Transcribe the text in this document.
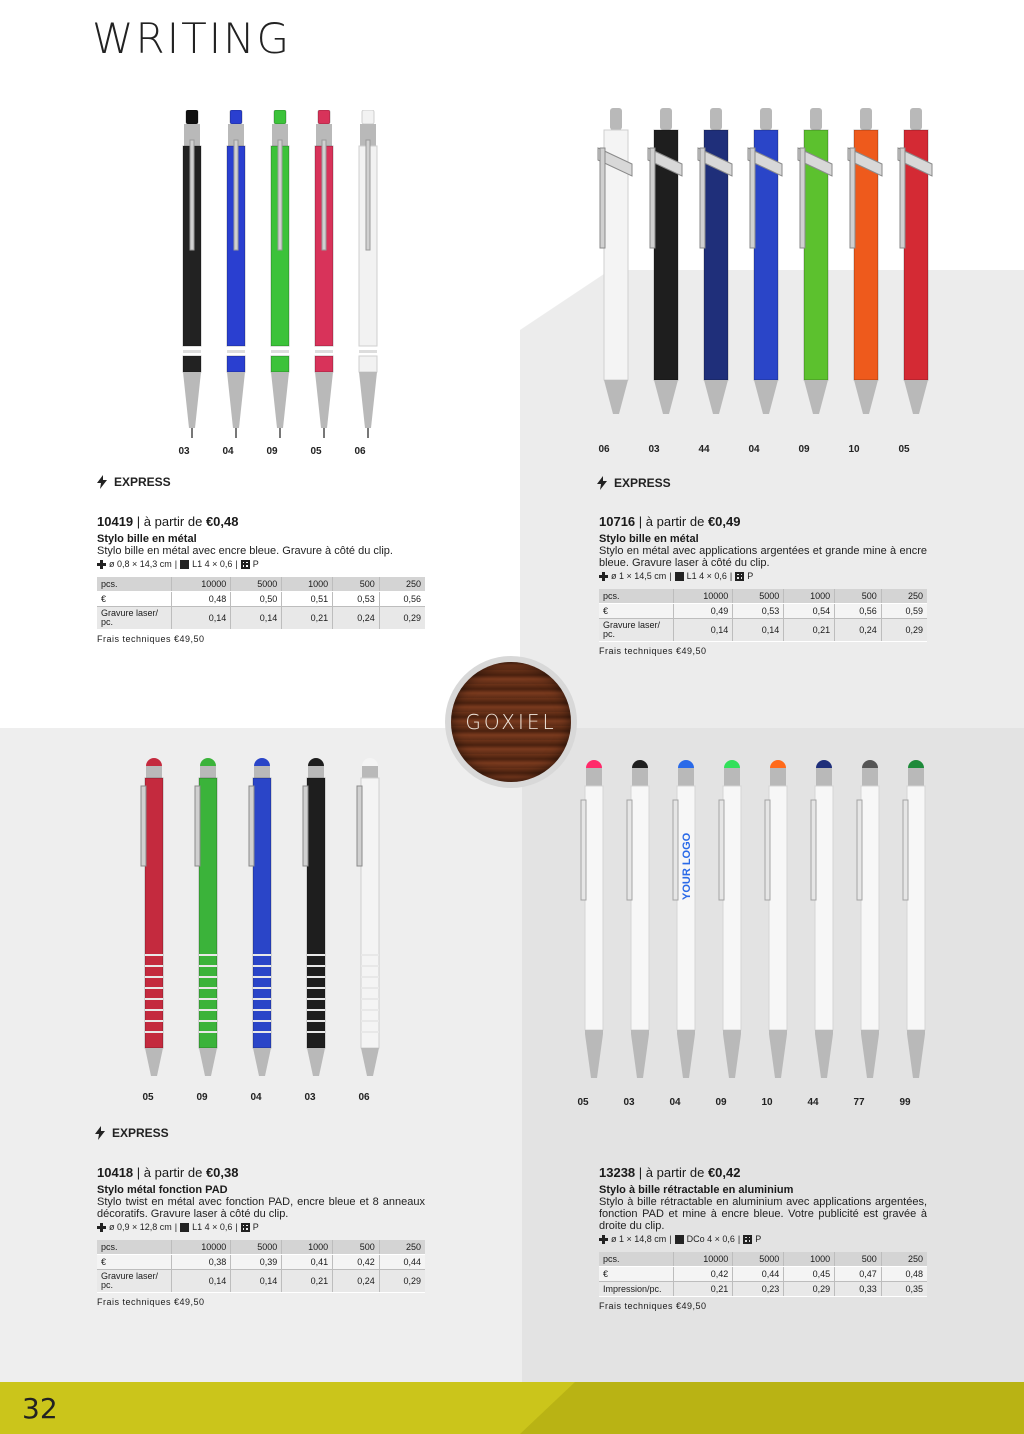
WRITING
32
YOUR LOGO
03	04	09	05	06	06	03	44	04	09	10	05
05	09	04	03	06	05	03	04	09	10	44	77	99
EXPRESS	EXPRESS
EXPRESS
10419 | à partir de €0,48
Stylo bille en métal
Stylo bille en métal avec encre bleue. Gravure à côté du clip.
ø 0,8 × 14,3 cm | L1 4 × 0,6 | P
pcs.	10000	5000	1000	500	250
€	0,48	0,50	0,51	0,53	0,56
Gravure laser/ pc.	0,14	0,14	0,21	0,24	0,29
Frais techniques €49,50
10716 | à partir de €0,49
Stylo bille en métal
Stylo en métal avec applications argentées et grande mine à encre bleue. Gravure laser à côté du clip.
ø 1 × 14,5 cm | L1 4 × 0,6 | P
pcs.	10000	5000	1000	500	250
€	0,49	0,53	0,54	0,56	0,59
Gravure laser/ pc.	0,14	0,14	0,21	0,24	0,29
Frais techniques €49,50
10418 | à partir de €0,38
Stylo métal fonction PAD
Stylo twist en métal avec fonction PAD, encre bleue et 8 anneaux décoratifs. Gravure laser à côté du clip.
ø 0,9 × 12,8 cm | L1 4 × 0,6 | P
pcs.	10000	5000	1000	500	250
€	0,38	0,39	0,41	0,42	0,44
Gravure laser/ pc.	0,14	0,14	0,21	0,24	0,29
Frais techniques €49,50
13238 | à partir de €0,42
Stylo à bille rétractable en aluminium
Stylo à bille rétractable en aluminium avec applications argentées, fonction PAD et mine à encre bleue. Votre publicité est gravée à droite du clip.
ø 1 × 14,8 cm | DCo 4 × 0,6 | P
pcs.	10000	5000	1000	500	250
€	0,42	0,44	0,45	0,47	0,48
Impression/pc.	0,21	0,23	0,29	0,33	0,35
Frais techniques €49,50
GOXIEL
